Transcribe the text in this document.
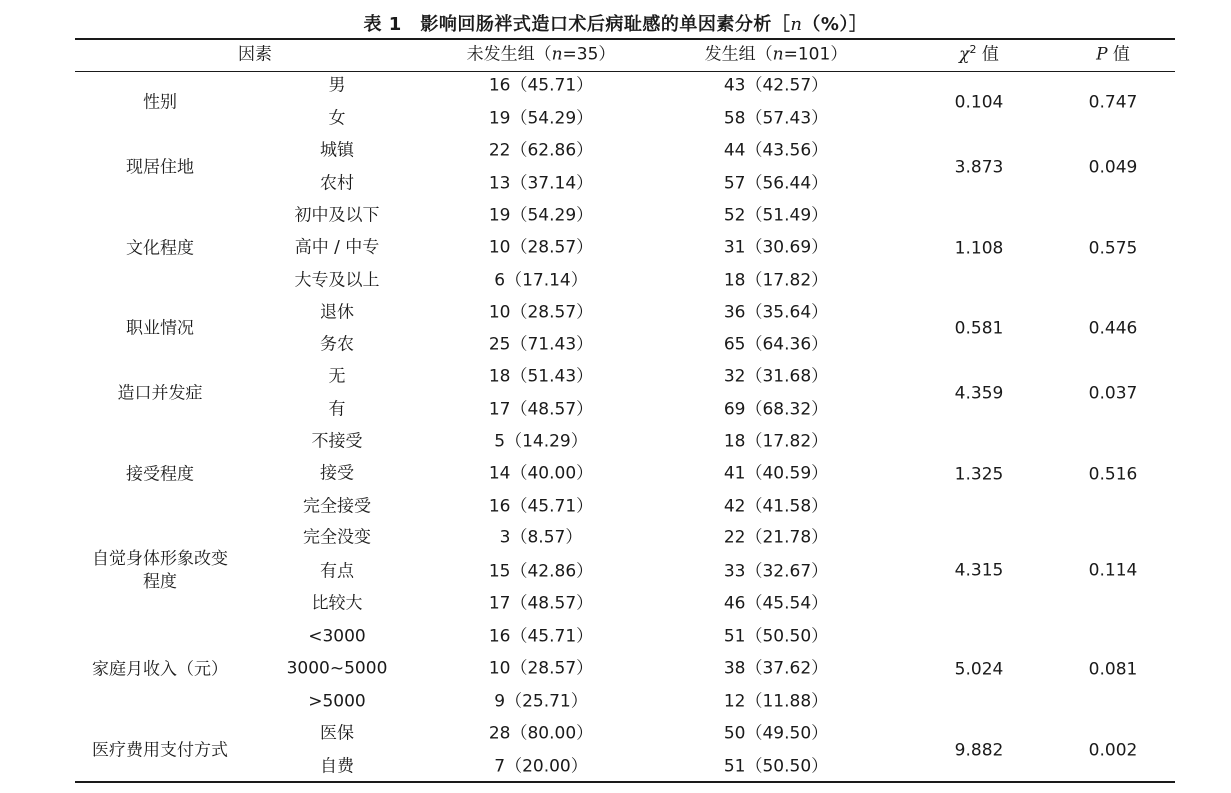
表 1　影响回肠袢式造口术后病耻感的单因素分析［n（%）］
因素	未发生组（n=35）	发生组（n=101）	$\chi^2$ 值	P 值
男	16（45.71）	43（42.57）
女	19（54.29）	58（57.43）
性别	0.104	0.747
城镇	22（62.86）	44（43.56）
农村	13（37.14）	57（56.44）
现居住地	3.873	0.049
初中及以下	19（54.29）	52（51.49）
高中 / 中专	10（28.57）	31（30.69）
大专及以上	6（17.14）	18（17.82）
文化程度	1.108	0.575
退休	10（28.57）	36（35.64）
务农	25（71.43）	65（64.36）
职业情况	0.581	0.446
无	18（51.43）	32（31.68）
有	17（48.57）	69（68.32）
造口并发症	4.359	0.037
不接受	5（14.29）	18（17.82）
接受	14（40.00）	41（40.59）
完全接受	16（45.71）	42（41.58）
接受程度	1.325	0.516
完全没变	3（8.57）	22（21.78）
有点	15（42.86）	33（32.67）
比较大	17（48.57）	46（45.54）
自觉身体形象改变
程度
4.315	0.114
<3000	16（45.71）	51（50.50）
3000~5000	10（28.57）	38（37.62）
>5000	9（25.71）	12（11.88）
家庭月收入（元）	5.024	0.081
医保	28（80.00）	50（49.50）
自费	7（20.00）	51（50.50）
医疗费用支付方式	9.882	0.002
